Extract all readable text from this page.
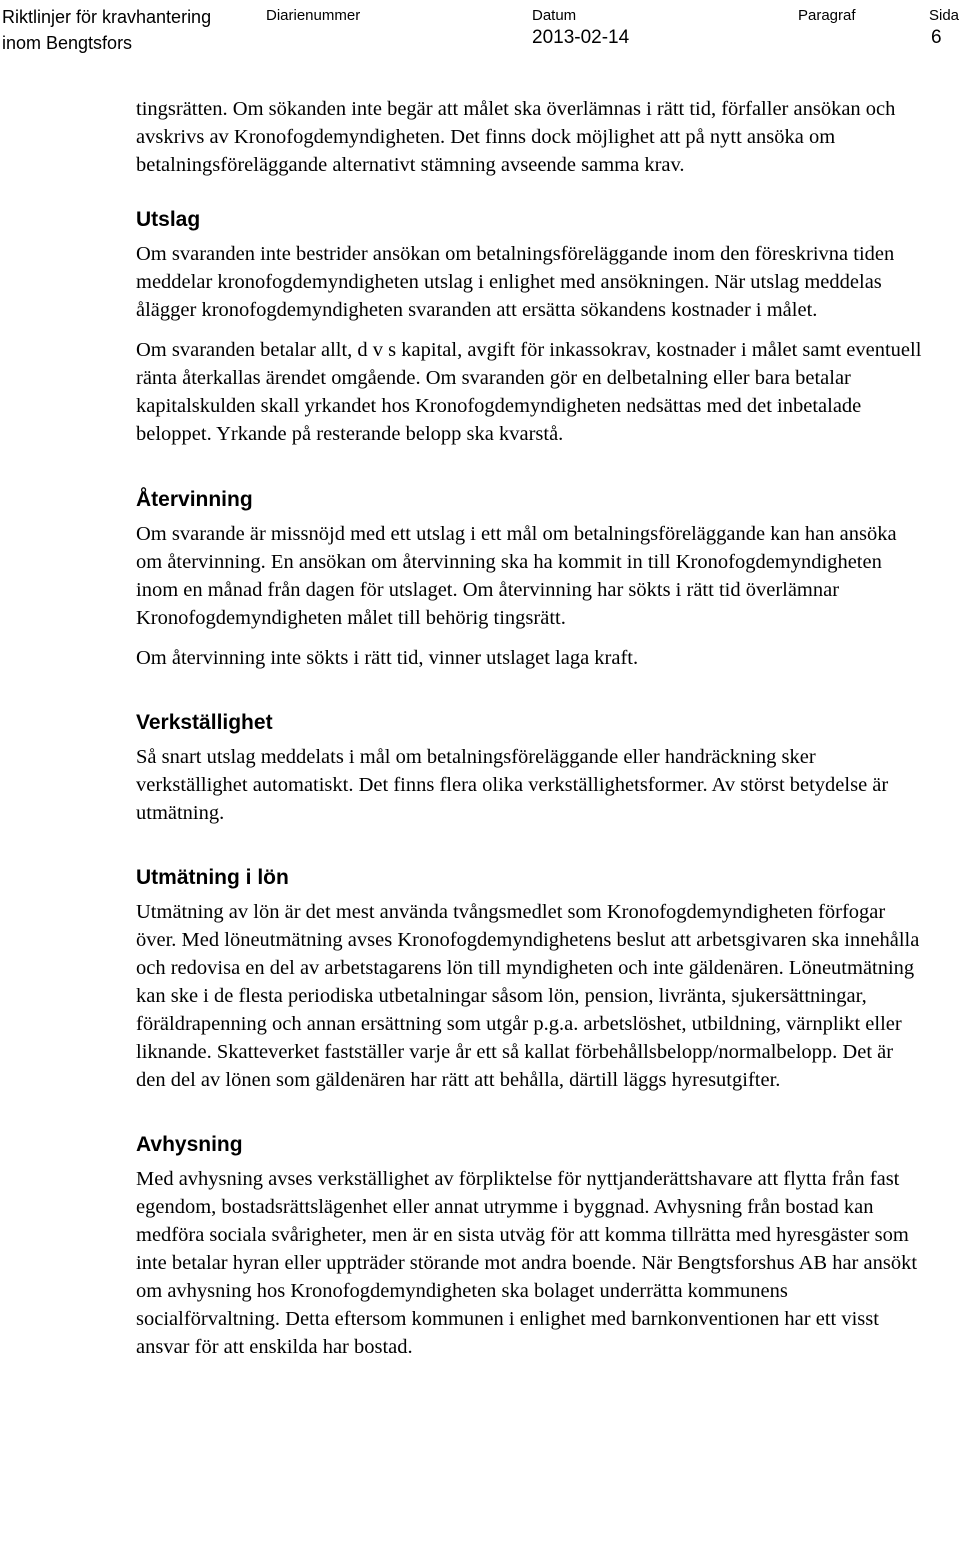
Riktlinjer för kravhantering
inom Bengtsfors
Diarienummer	Datum
2013-02-14
Paragraf	Sida
6

tingsrätten. Om sökanden inte begär att målet ska överlämnas i rätt tid, förfaller ansökan och avskrivs av Kronofogdemyndigheten. Det finns dock möjlighet att på nytt ansöka om betalningsföreläggande alternativt stämning avseende samma krav.

Utslag

Om svaranden inte bestrider ansökan om betalningsföreläggande inom den föreskrivna tiden meddelar kronofogdemyndigheten utslag i enlighet med ansökningen. När utslag meddelas ålägger kronofogdemyndigheten svaranden att ersätta sökandens kostnader i målet.

Om svaranden betalar allt, d v s kapital, avgift för inkassokrav, kostnader i målet samt eventuell ränta återkallas ärendet omgående. Om svaranden gör en delbetalning eller bara betalar kapitalskulden skall yrkandet hos Kronofogdemyndigheten nedsättas med det inbetalade beloppet. Yrkande på resterande belopp ska kvarstå.

Återvinning

Om svarande är missnöjd med ett utslag i ett mål om betalningsföreläggande kan han ansöka om återvinning. En ansökan om återvinning ska ha kommit in till Kronofogdemyndigheten inom en månad från dagen för utslaget. Om återvinning har sökts i rätt tid överlämnar Kronofogdemyndigheten målet till behörig tingsrätt.

Om återvinning inte sökts i rätt tid, vinner utslaget laga kraft.

Verkställighet

Så snart utslag meddelats i mål om betalningsföreläggande eller handräckning sker verkställighet automatiskt. Det finns flera olika verkställighetsformer. Av störst betydelse är utmätning.

Utmätning i lön

Utmätning av lön är det mest använda tvångsmedlet som Kronofogdemyndigheten förfogar över. Med löneutmätning avses Kronofogdemyndighetens beslut att arbetsgivaren ska innehålla och redovisa en del av arbetstagarens lön till myndigheten och inte gäldenären. Löneutmätning kan ske i de flesta periodiska utbetalningar såsom lön, pension, livränta, sjukersättningar, föräldrapenning och annan ersättning som utgår p.g.a. arbetslöshet, utbildning, värnplikt eller liknande. Skatteverket fastställer varje år ett så kallat förbehållsbelopp/normalbelopp. Det är den del av lönen som gäldenären har rätt att behålla, därtill läggs hyresutgifter.

Avhysning

Med avhysning avses verkställighet av förpliktelse för nyttjanderättshavare att flytta från fast egendom, bostadsrättslägenhet eller annat utrymme i byggnad. Avhysning från bostad kan medföra sociala svårigheter, men är en sista utväg för att komma tillrätta med hyresgäster som inte betalar hyran eller uppträder störande mot andra boende. När Bengtsforshus AB har ansökt om avhysning hos Kronofogdemyndigheten ska bolaget underrätta kommunens socialförvaltning. Detta eftersom kommunen i enlighet med barnkonventionen har ett visst ansvar för att enskilda har bostad.
